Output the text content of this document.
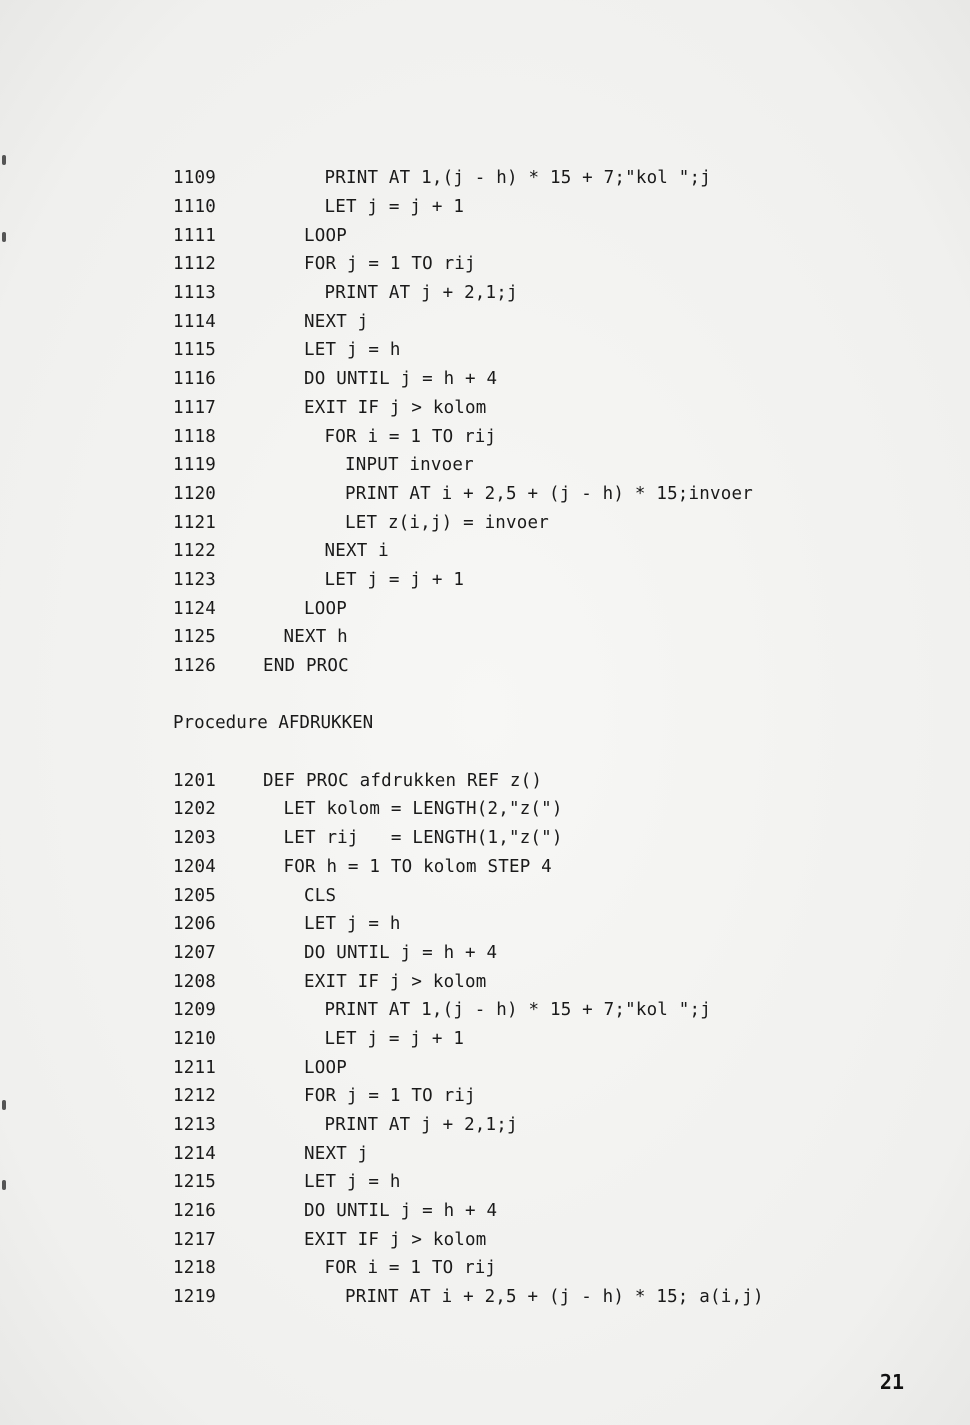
1109	PRINT AT 1,(j - h) * 15 + 7;"kol ";j
1110	LET j = j + 1
1111	LOOP
1112	FOR j = 1 TO rij
1113	PRINT AT j + 2,1;j
1114	NEXT j
1115	LET j = h
1116	DO UNTIL j = h + 4
1117	EXIT IF j > kolom
1118	FOR i = 1 TO rij
1119	INPUT invoer
1120	PRINT AT i + 2,5 + (j - h) * 15;invoer
1121	LET z(i,j) = invoer
1122	NEXT i
1123	LET j = j + 1
1124	LOOP
1125	NEXT h
1126	END PROC
Procedure AFDRUKKEN
1201	DEF PROC afdrukken REF z()
1202	LET kolom = LENGTH(2,"z(")
1203	LET rij   = LENGTH(1,"z(")
1204	FOR h = 1 TO kolom STEP 4
1205	CLS
1206	LET j = h
1207	DO UNTIL j = h + 4
1208	EXIT IF j > kolom
1209	PRINT AT 1,(j - h) * 15 + 7;"kol ";j
1210	LET j = j + 1
1211	LOOP
1212	FOR j = 1 TO rij
1213	PRINT AT j + 2,1;j
1214	NEXT j
1215	LET j = h
1216	DO UNTIL j = h + 4
1217	EXIT IF j > kolom
1218	FOR i = 1 TO rij
1219	PRINT AT i + 2,5 + (j - h) * 15; a(i,j)
21
